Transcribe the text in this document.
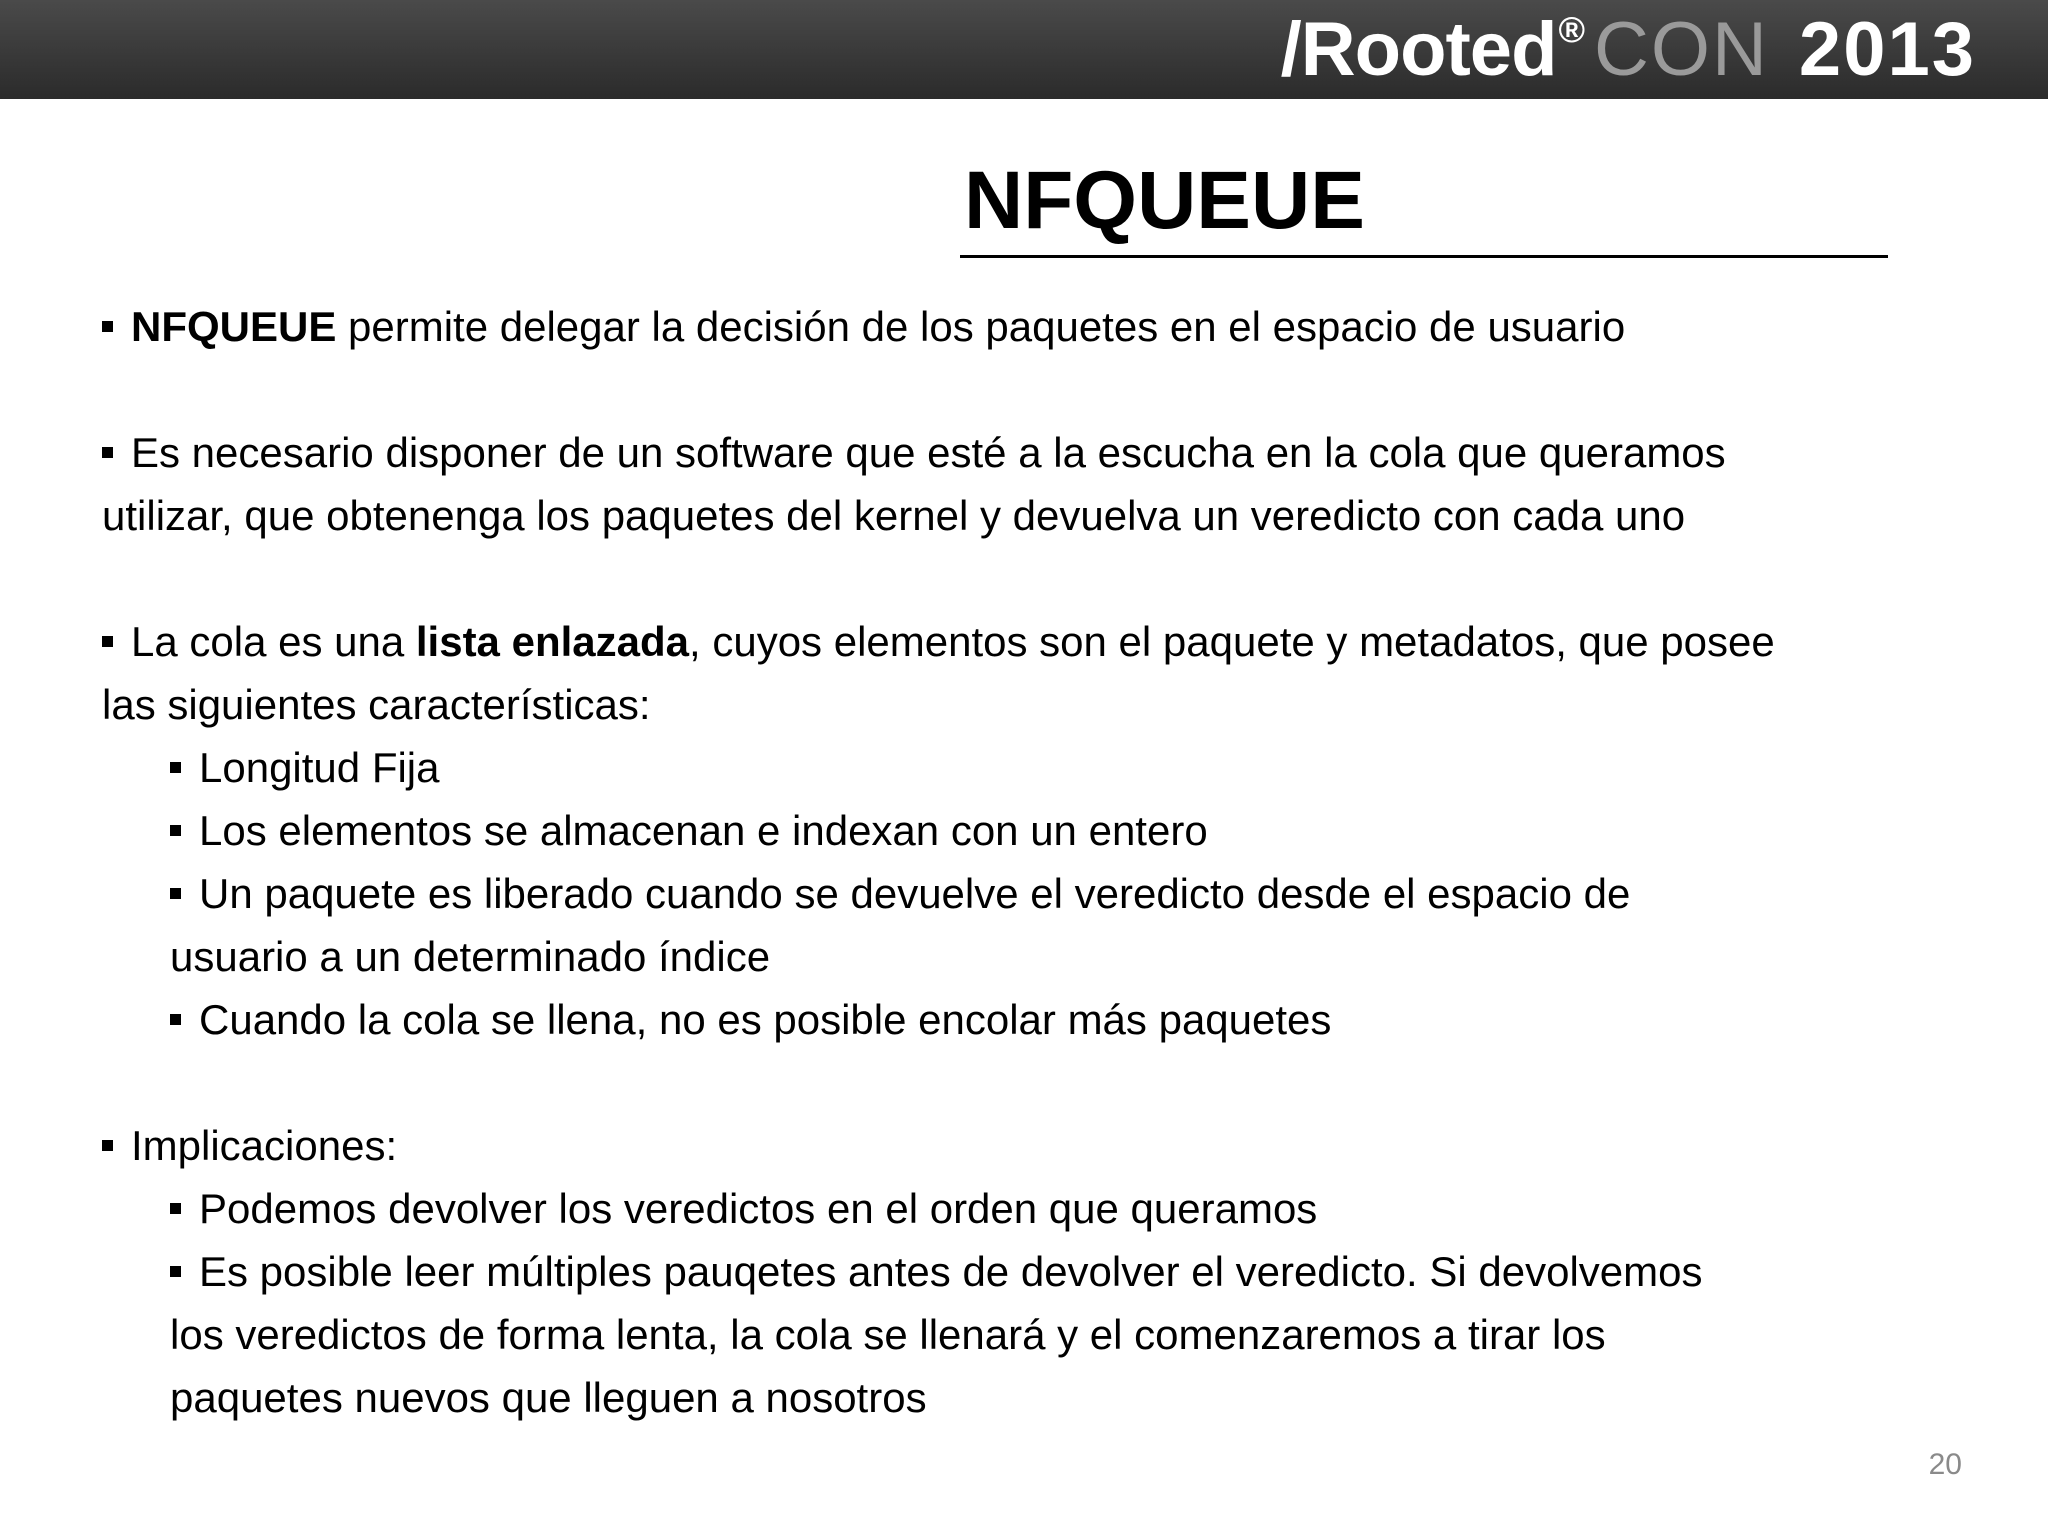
/Rooted ® CON 2013
NFQUEUE

NFQUEUE permite delegar la decisión de los paquetes en el espacio de usuario

Es necesario disponer de un software que esté a la escucha en la cola que queramos
utilizar, que obtenenga los paquetes del kernel y devuelva un veredicto con cada uno

La cola es una lista enlazada, cuyos elementos son el paquete y metadatos, que posee
las siguientes características:

Longitud Fija

Los elementos se almacenan e indexan con un entero

Un paquete es liberado cuando se devuelve el veredicto desde el espacio de
usuario a un determinado índice

Cuando la cola se llena, no es posible encolar más paquetes

Implicaciones:

Podemos devolver los veredictos en el orden que queramos

Es posible leer múltiples pauqetes antes de devolver el veredicto. Si devolvemos
los veredictos de forma lenta, la cola se llenará y el comenzaremos a tirar los
paquetes nuevos que lleguen a nosotros

20
